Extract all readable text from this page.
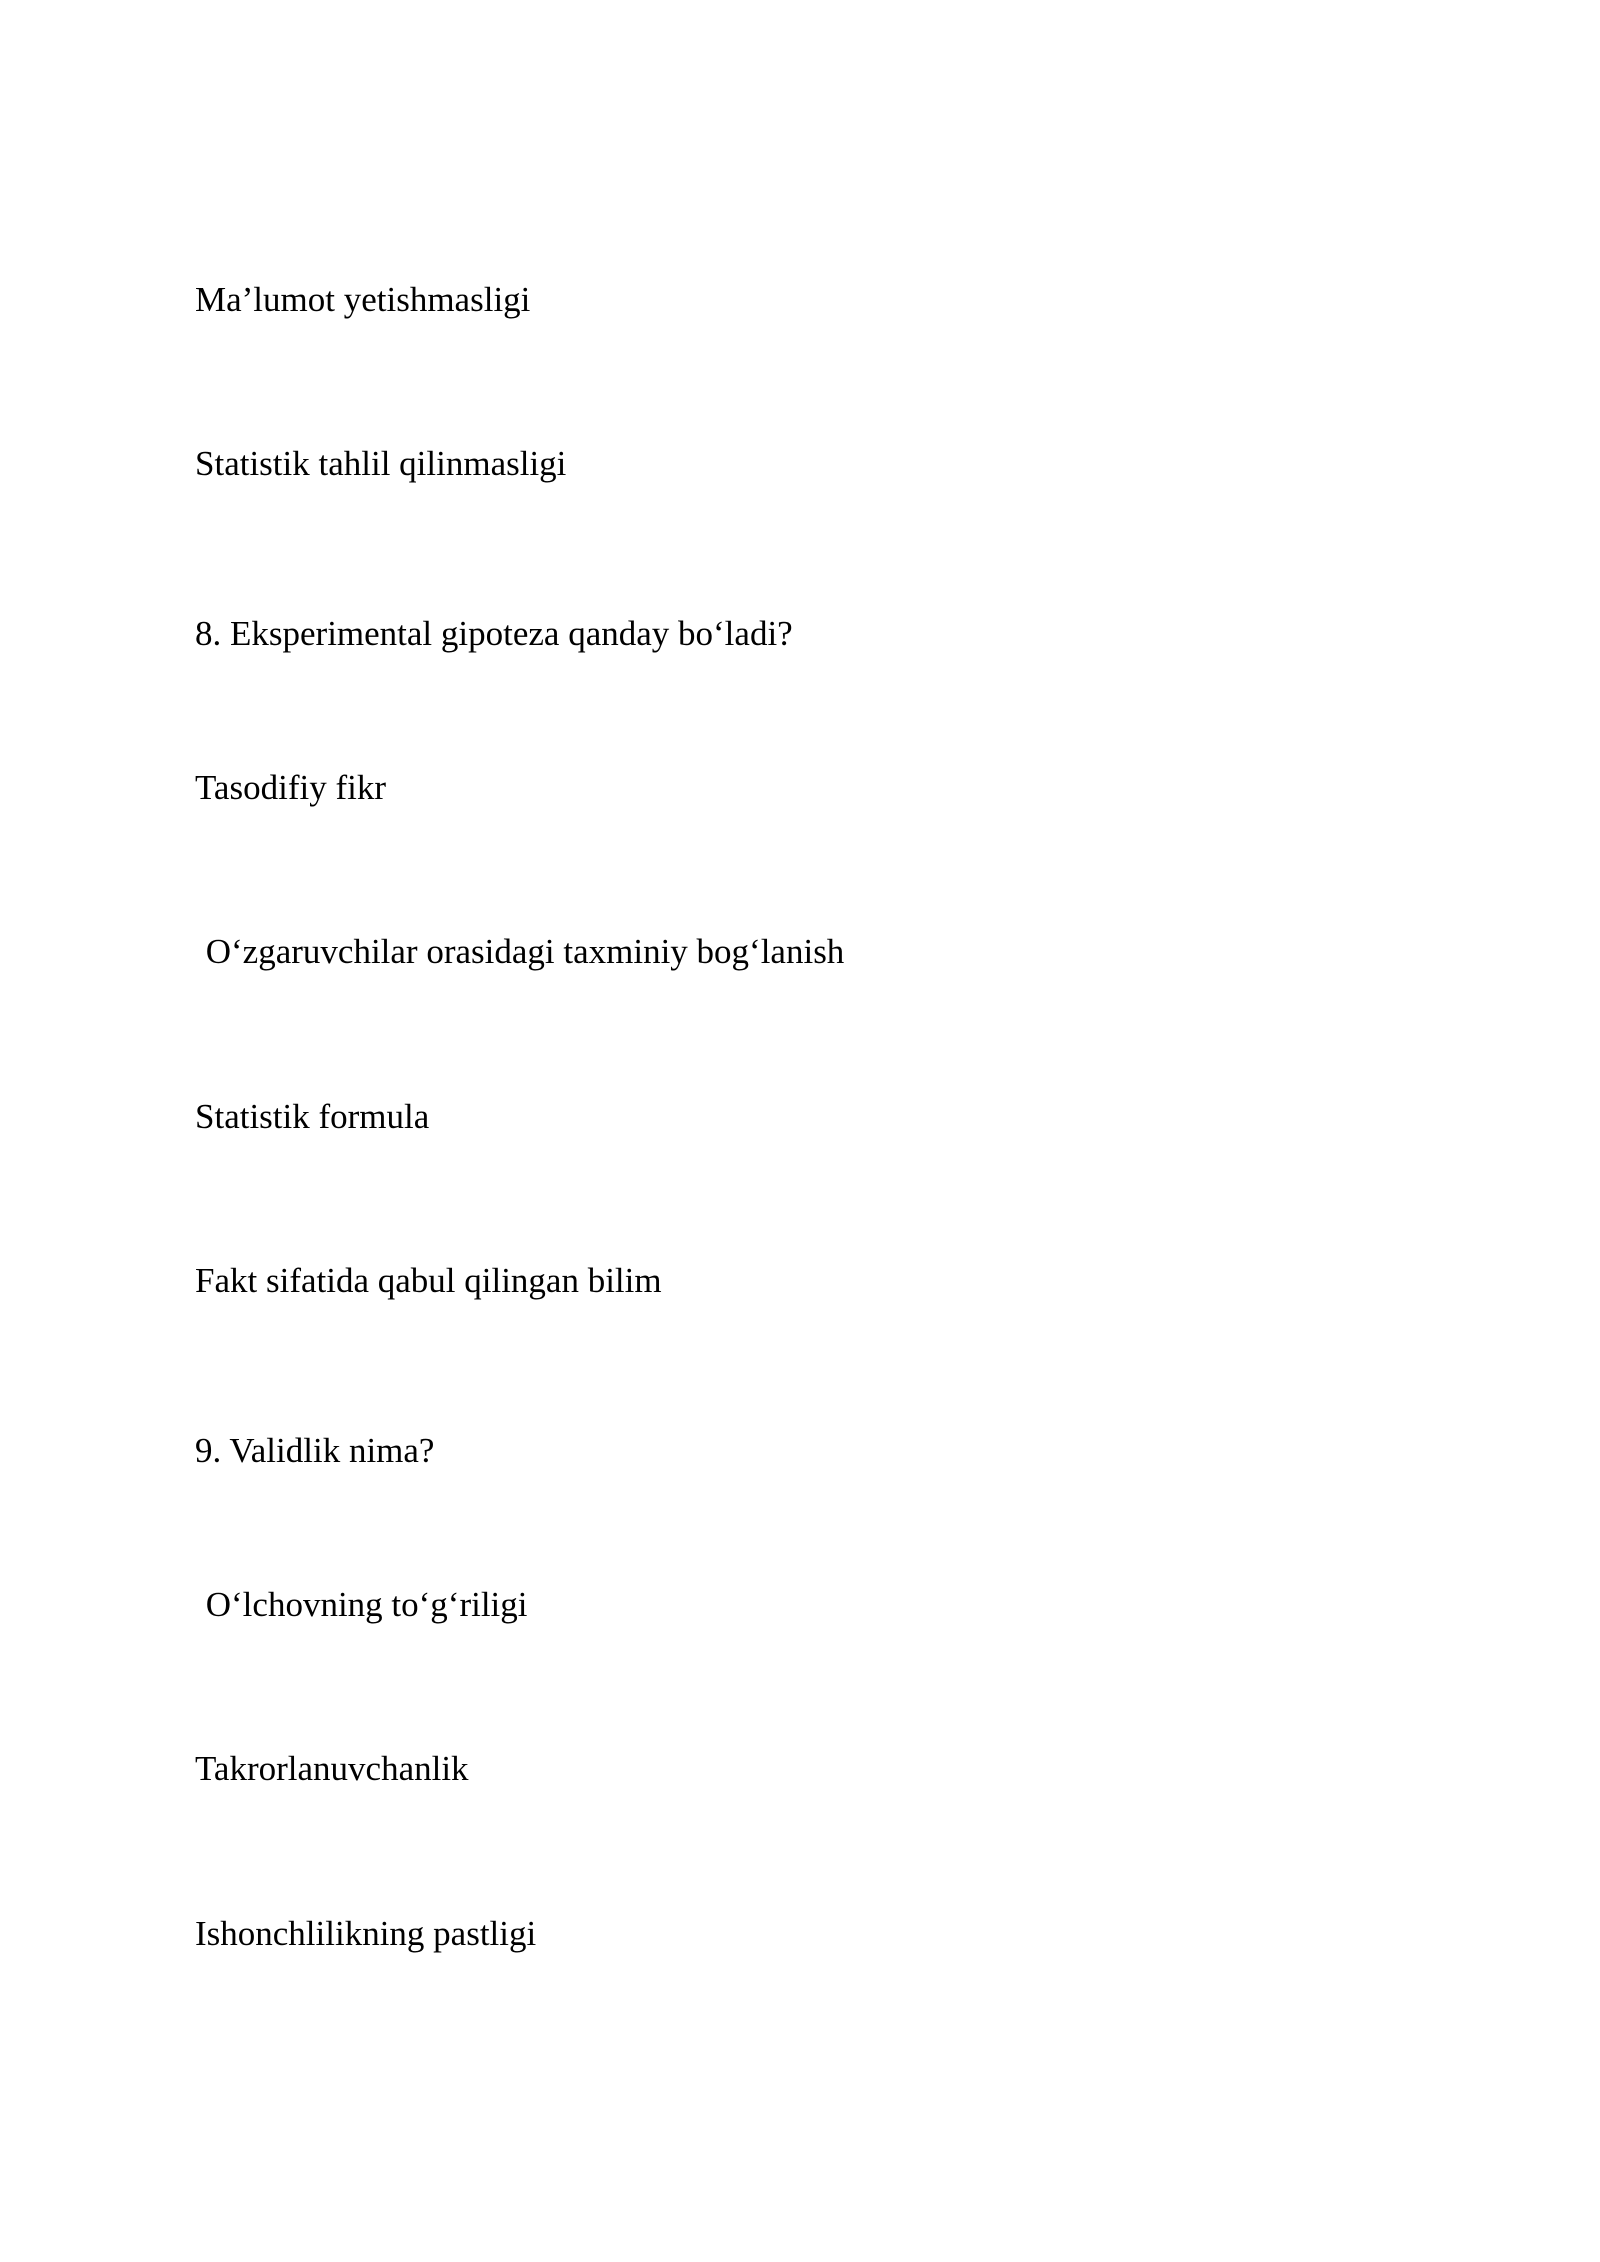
Ma’lumot yetishmasligi
Statistik tahlil qilinmasligi
8. Eksperimental gipoteza qanday bo‘ladi?
Tasodifiy fikr
O‘zgaruvchilar orasidagi taxminiy bog‘lanish
Statistik formula
Fakt sifatida qabul qilingan bilim
9. Validlik nima?
O‘lchovning to‘g‘riligi
Takrorlanuvchanlik
Ishonchlilikning pastligi
